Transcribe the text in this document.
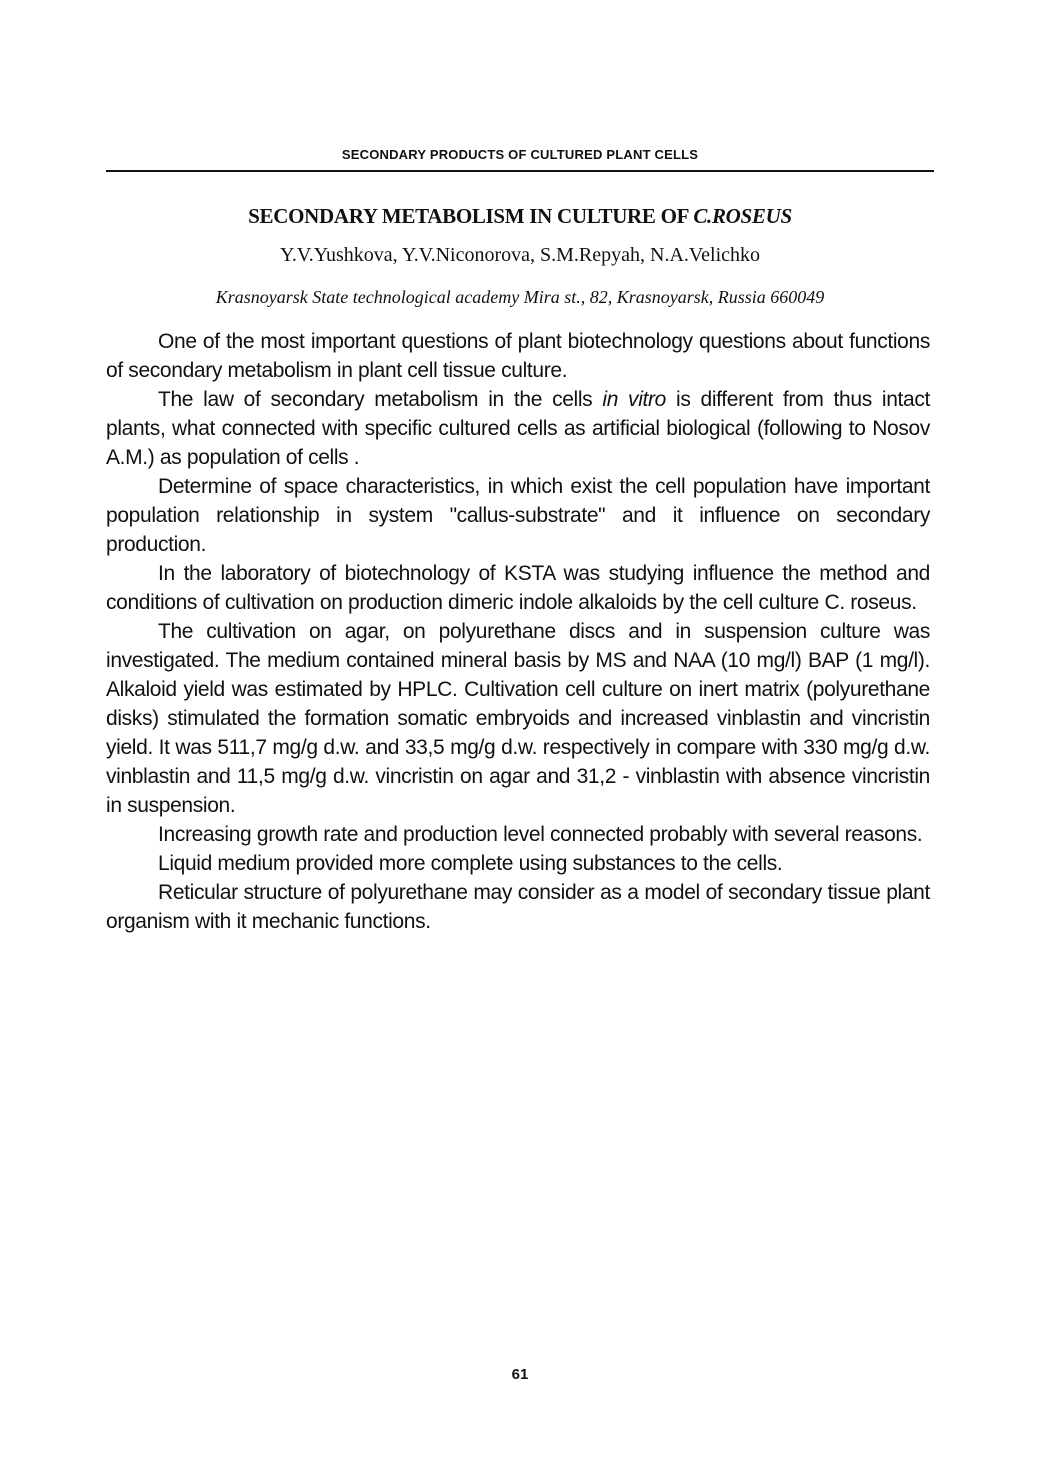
SECONDARY PRODUCTS OF CULTURED PLANT CELLS
SECONDARY METABOLISM IN CULTURE OF C.ROSEUS
Y.V.Yushkova, Y.V.Niconorova, S.M.Repyah, N.A.Velichko
Krasnoyarsk State technological academy Mira st., 82, Krasnoyarsk, Russia 660049

One of the most important questions of plant biotechnology questions about functions of secondary metabolism in plant cell tissue culture.

The law of secondary metabolism in the cells in vitro is different from thus intact plants, what connected with specific cultured cells as artificial biological (following to Nosov A.M.) as population of cells .

Determine of space characteristics, in which exist the cell population have important population relationship in system "callus-substrate" and it influence on secondary production.

In the laboratory of biotechnology of KSTA was studying influence the method and conditions of cultivation on production dimeric indole alkaloids by the cell culture C. roseus.

The cultivation on agar, on polyurethane discs and in suspension culture was investigated. The medium contained mineral basis by MS and NAA (10 mg/l) BAP (1 mg/l). Alkaloid yield was estimated by HPLC. Cultivation cell culture on inert matrix (polyurethane disks) stimulated the formation somatic embryoids and increased vinblastin and vincristin yield. It was 511,7 mg/g d.w. and 33,5 mg/g d.w. respectively in compare with 330 mg/g d.w. vinblastin and 11,5 mg/g d.w. vincristin on agar and 31,2 - vinblastin with absence vincristin in suspension.

Increasing growth rate and production level connected probably with several reasons.

Liquid medium provided more complete using substances to the cells.

Reticular structure of polyurethane may consider as a model of secondary tissue plant organism with it mechanic functions.

61
